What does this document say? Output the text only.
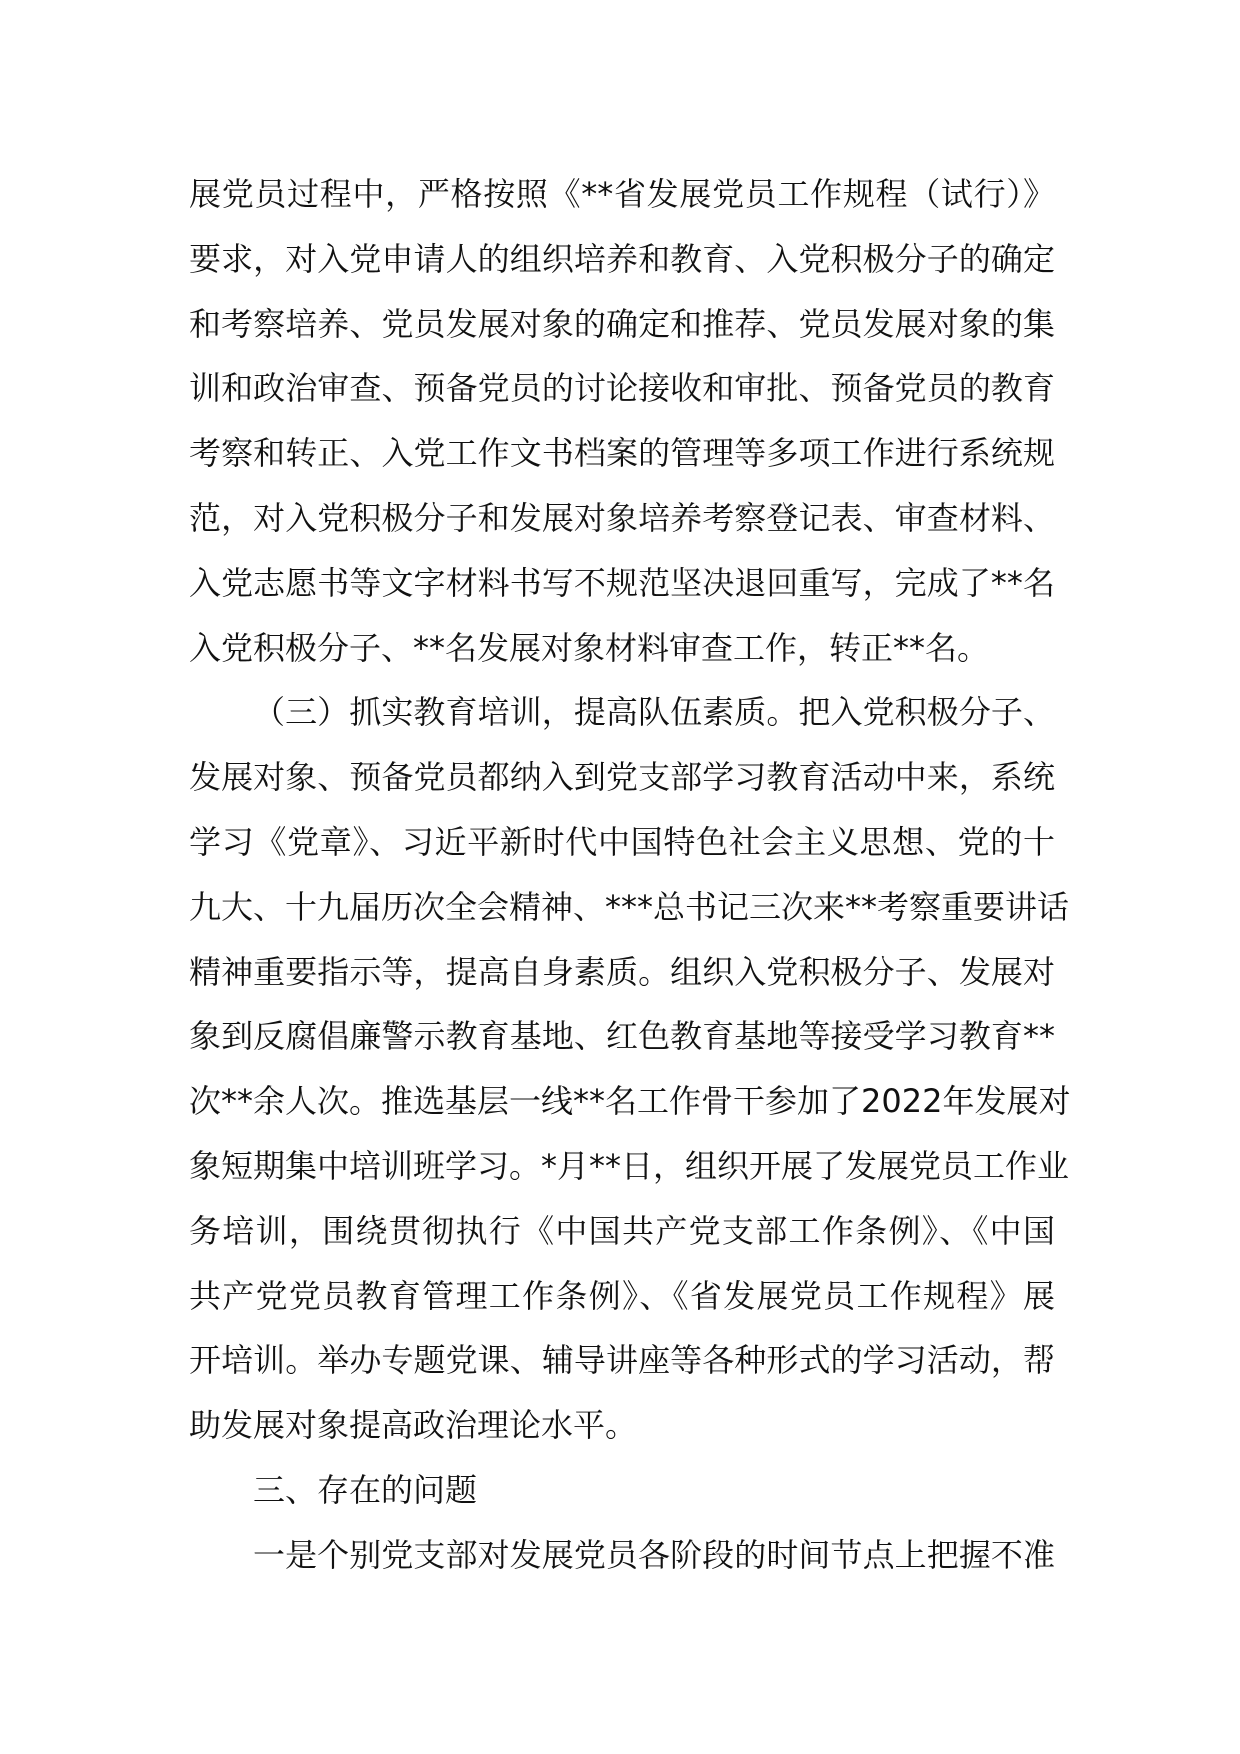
展党员过程中，严格按照《**省发展党员工作规程（试行）》
要求，对入党申请人的组织培养和教育、入党积极分子的确定
和考察培养、党员发展对象的确定和推荐、党员发展对象的集
训和政治审查、预备党员的讨论接收和审批、预备党员的教育
考察和转正、入党工作文书档案的管理等多项工作进行系统规
范，对入党积极分子和发展对象培养考察登记表、审查材料、
入党志愿书等文字材料书写不规范坚决退回重写，完成了**名
入党积极分子、**名发展对象材料审查工作，转正**名。
（三）抓实教育培训，提高队伍素质。把入党积极分子、
发展对象、预备党员都纳入到党支部学习教育活动中来，系统
学习《党章》、习近平新时代中国特色社会主义思想、党的十
九大、十九届历次全会精神、***总书记三次来**考察重要讲话
精神重要指示等，提高自身素质。组织入党积极分子、发展对
象到反腐倡廉警示教育基地、红色教育基地等接受学习教育**
次**余人次。推选基层一线**名工作骨干参加了2022年发展对
象短期集中培训班学习。*月**日，组织开展了发展党员工作业
务培训，围绕贯彻执行《中国共产党支部工作条例》、《中国
共产党党员教育管理工作条例》、《省发展党员工作规程》展
开培训。举办专题党课、辅导讲座等各种形式的学习活动，帮
助发展对象提高政治理论水平。
三、存在的问题
一是个别党支部对发展党员各阶段的时间节点上把握不准
